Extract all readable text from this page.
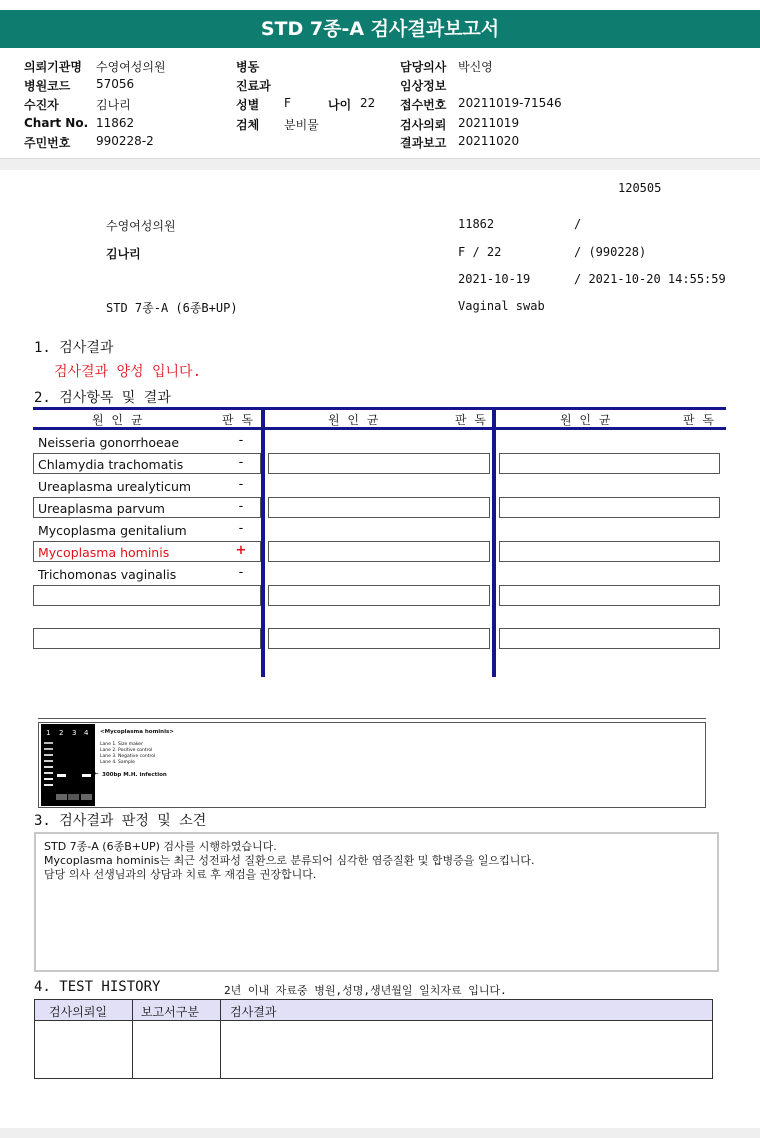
STD 7종-A 검사결과보고서
의뢰기관명 수영여성의원	병동	담당의사 박신영
병원코드 57056	진료과	임상정보
수진자	김나리	성별 F	나이 22 접수번호 20211019-71546
Chart No. 11862	검체 분비물	검사의뢰 20211019
주민번호 990228-2	결과보고 20211020
120505
수영여성의원	11862	/
김나리	F / 22	/ (990228)
2021-10-19	/ 2021-10-20 14:55:59
STD 7종-A (6종B+UP)	Vaginal swab
1. 검사결과
검사결과 양성 입니다.
2. 검사항목 및 결과
원 인 균	판 독	원 인 균	판 독	원 인 균	판 독
Neisseria gonorrhoeae	-
Chlamydia trachomatis	-
Ureaplasma urealyticum	-
Ureaplasma parvum	-
Mycoplasma genitalium	-
Mycoplasma hominis	+
Trichomonas vaginalis	-
1 2 3 4 <Mycoplasma hominis>
Lane 1. Size maker
Lane 2. Positive control
Lane 3. Negative control
Lane 4. Sample
← 300bp M.H. infection
3. 검사결과 판정 및 소견
STD 7종-A (6종B+UP) 검사를 시행하였습니다.
Mycoplasma hominis는 최근 성전파성 질환으로 분류되어 심각한 염증질환 및 합병증을 일으킵니다.
담당 의사 선생님과의 상담과 치료 후 재검을 권장합니다.
4. TEST HISTORY	2년 이내 자료중 병원,성명,생년월일 일치자료 입니다.
검사의뢰일	보고서구분	검사결과
